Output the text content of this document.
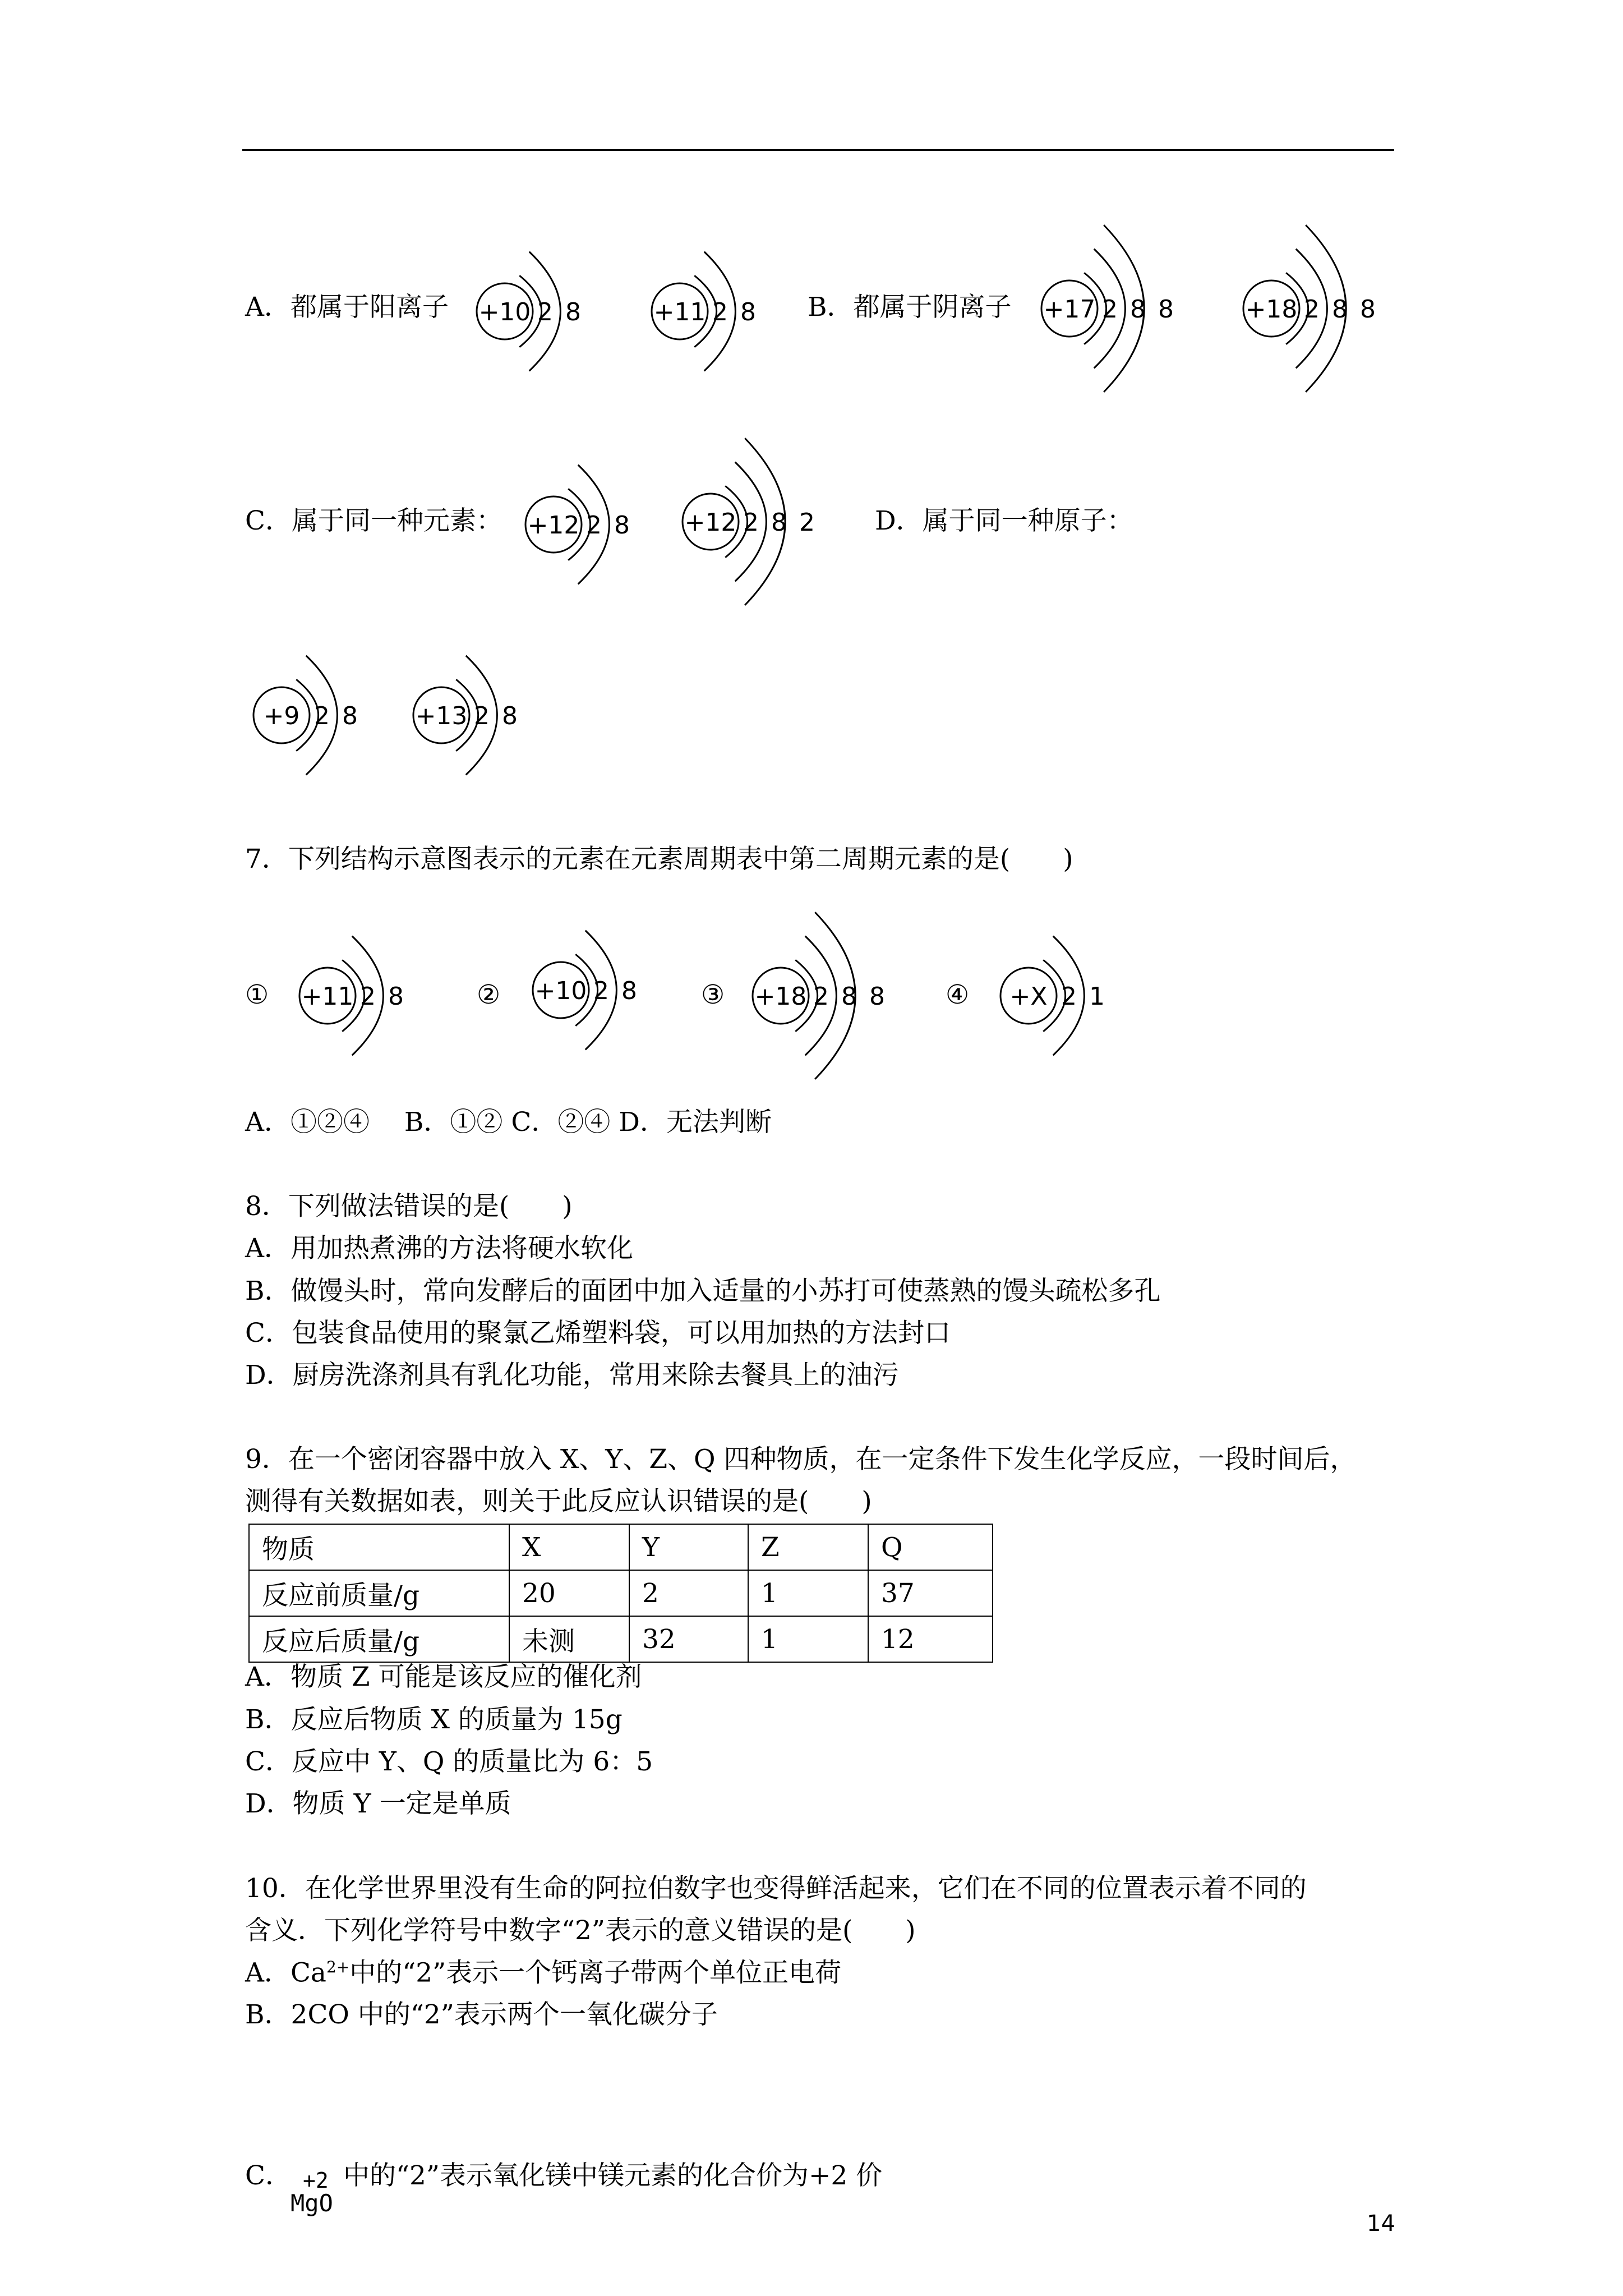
A．都属于阳离子 +10 2 8	+11 2 8 B．都属于阴离子 +17 2 8 8	+18 2 8 8
C．属于同一种元素： +12 2 8 +12 2 8 2 D．属于同一种原子：
+9 2 8 +13 2 8
7．下列结构示意图表示的元素在元素周期表中第二周期元素的是(　　)
① +11 2 8	② +10 2 8 ③ +18 2 8 8 ④ +X 2 1
A．①②④　 B．①② C．②④ D．无法判断
8．下列做法错误的是(　　)
A．用加热煮沸的方法将硬水软化
B．做馒头时，常向发酵后的面团中加入适量的小苏打可使蒸熟的馒头疏松多孔
C．包装食品使用的聚氯乙烯塑料袋，可以用加热的方法封口
D．厨房洗涤剂具有乳化功能，常用来除去餐具上的油污
9．在一个密闭容器中放入 X、Y、Z、Q 四种物质，在一定条件下发生化学反应，一段时间后，
测得有关数据如表，则关于此反应认识错误的是(　　)
物质	X	Y	Z	Q
反应前质量/g	20	2	1	37
反应后质量/g	未测	32	1	12
A．物质 Z 可能是该反应的催化剂
B．反应后物质 X 的质量为 15g
C．反应中 Y、Q 的质量比为 6：5
D．物质 Y 一定是单质
10．在化学世界里没有生命的阿拉伯数字也变得鲜活起来，它们在不同的位置表示着不同的
含义．下列化学符号中数字“2”表示的意义错误的是(　　)
A．$Ca^{2+}$中的“2”表示一个钙离子带两个单位正电荷
B．2CO 中的“2”表示两个一氧化碳分子
C． +2
MgO
中的“2”表示氧化镁中镁元素的化合价为+2 价
14
